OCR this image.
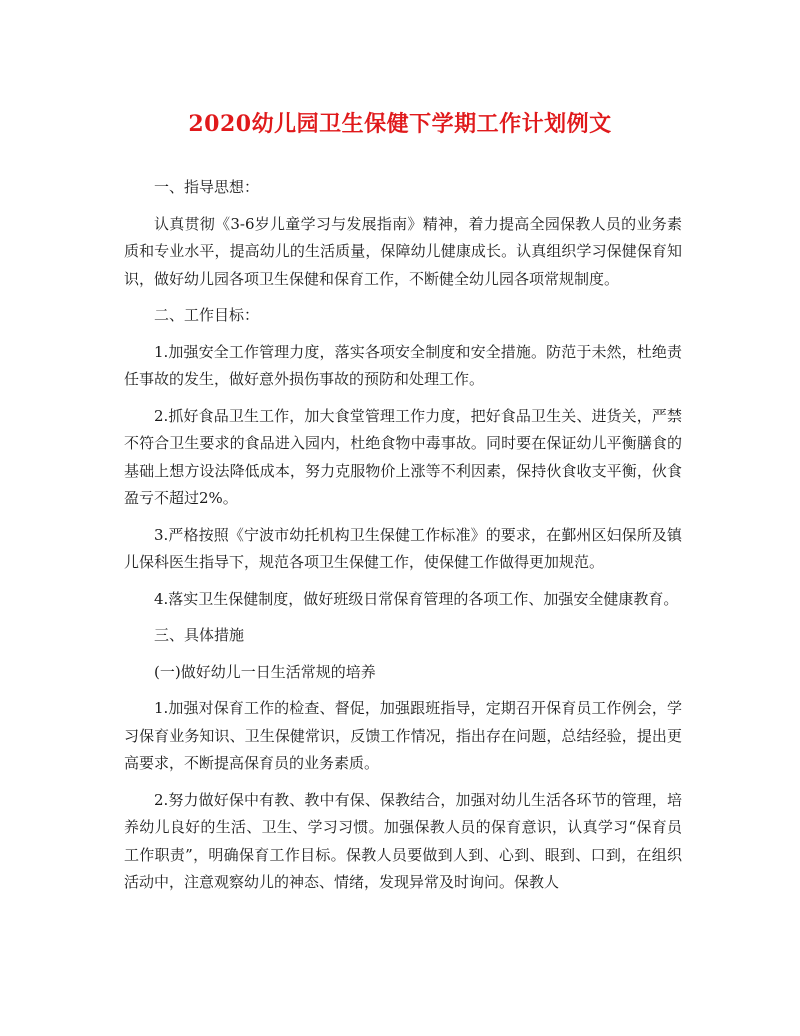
2020幼儿园卫生保健下学期工作计划例文

一、指导思想：

认真贯彻《3-6岁儿童学习与发展指南》精神，着力提高全园保教人员的业务素质和专业水平，提高幼儿的生活质量，保障幼儿健康成长。认真组织学习保健保育知识，做好幼儿园各项卫生保健和保育工作，不断健全幼儿园各项常规制度。

二、工作目标：

1.加强安全工作管理力度，落实各项安全制度和安全措施。防范于未然，杜绝责任事故的发生，做好意外损伤事故的预防和处理工作。

2.抓好食品卫生工作，加大食堂管理工作力度，把好食品卫生关、进货关，严禁不符合卫生要求的食品进入园内，杜绝食物中毒事故。同时要在保证幼儿平衡膳食的基础上想方设法降低成本，努力克服物价上涨等不利因素，保持伙食收支平衡，伙食盈亏不超过2%。

3.严格按照《宁波市幼托机构卫生保健工作标准》的要求，在鄞州区妇保所及镇儿保科医生指导下，规范各项卫生保健工作，使保健工作做得更加规范。

4.落实卫生保健制度，做好班级日常保育管理的各项工作、加强安全健康教育。

三、具体措施

(一)做好幼儿一日生活常规的培养

1.加强对保育工作的检查、督促，加强跟班指导，定期召开保育员工作例会，学习保育业务知识、卫生保健常识，反馈工作情况，指出存在问题，总结经验，提出更高要求，不断提高保育员的业务素质。

2.努力做好保中有教、教中有保、保教结合，加强对幼儿生活各环节的管理，培养幼儿良好的生活、卫生、学习习惯。加强保教人员的保育意识，认真学习“保育员工作职责”，明确保育工作目标。保教人员要做到人到、心到、眼到、口到，在组织活动中，注意观察幼儿的神态、情绪，发现异常及时询问。保教人
